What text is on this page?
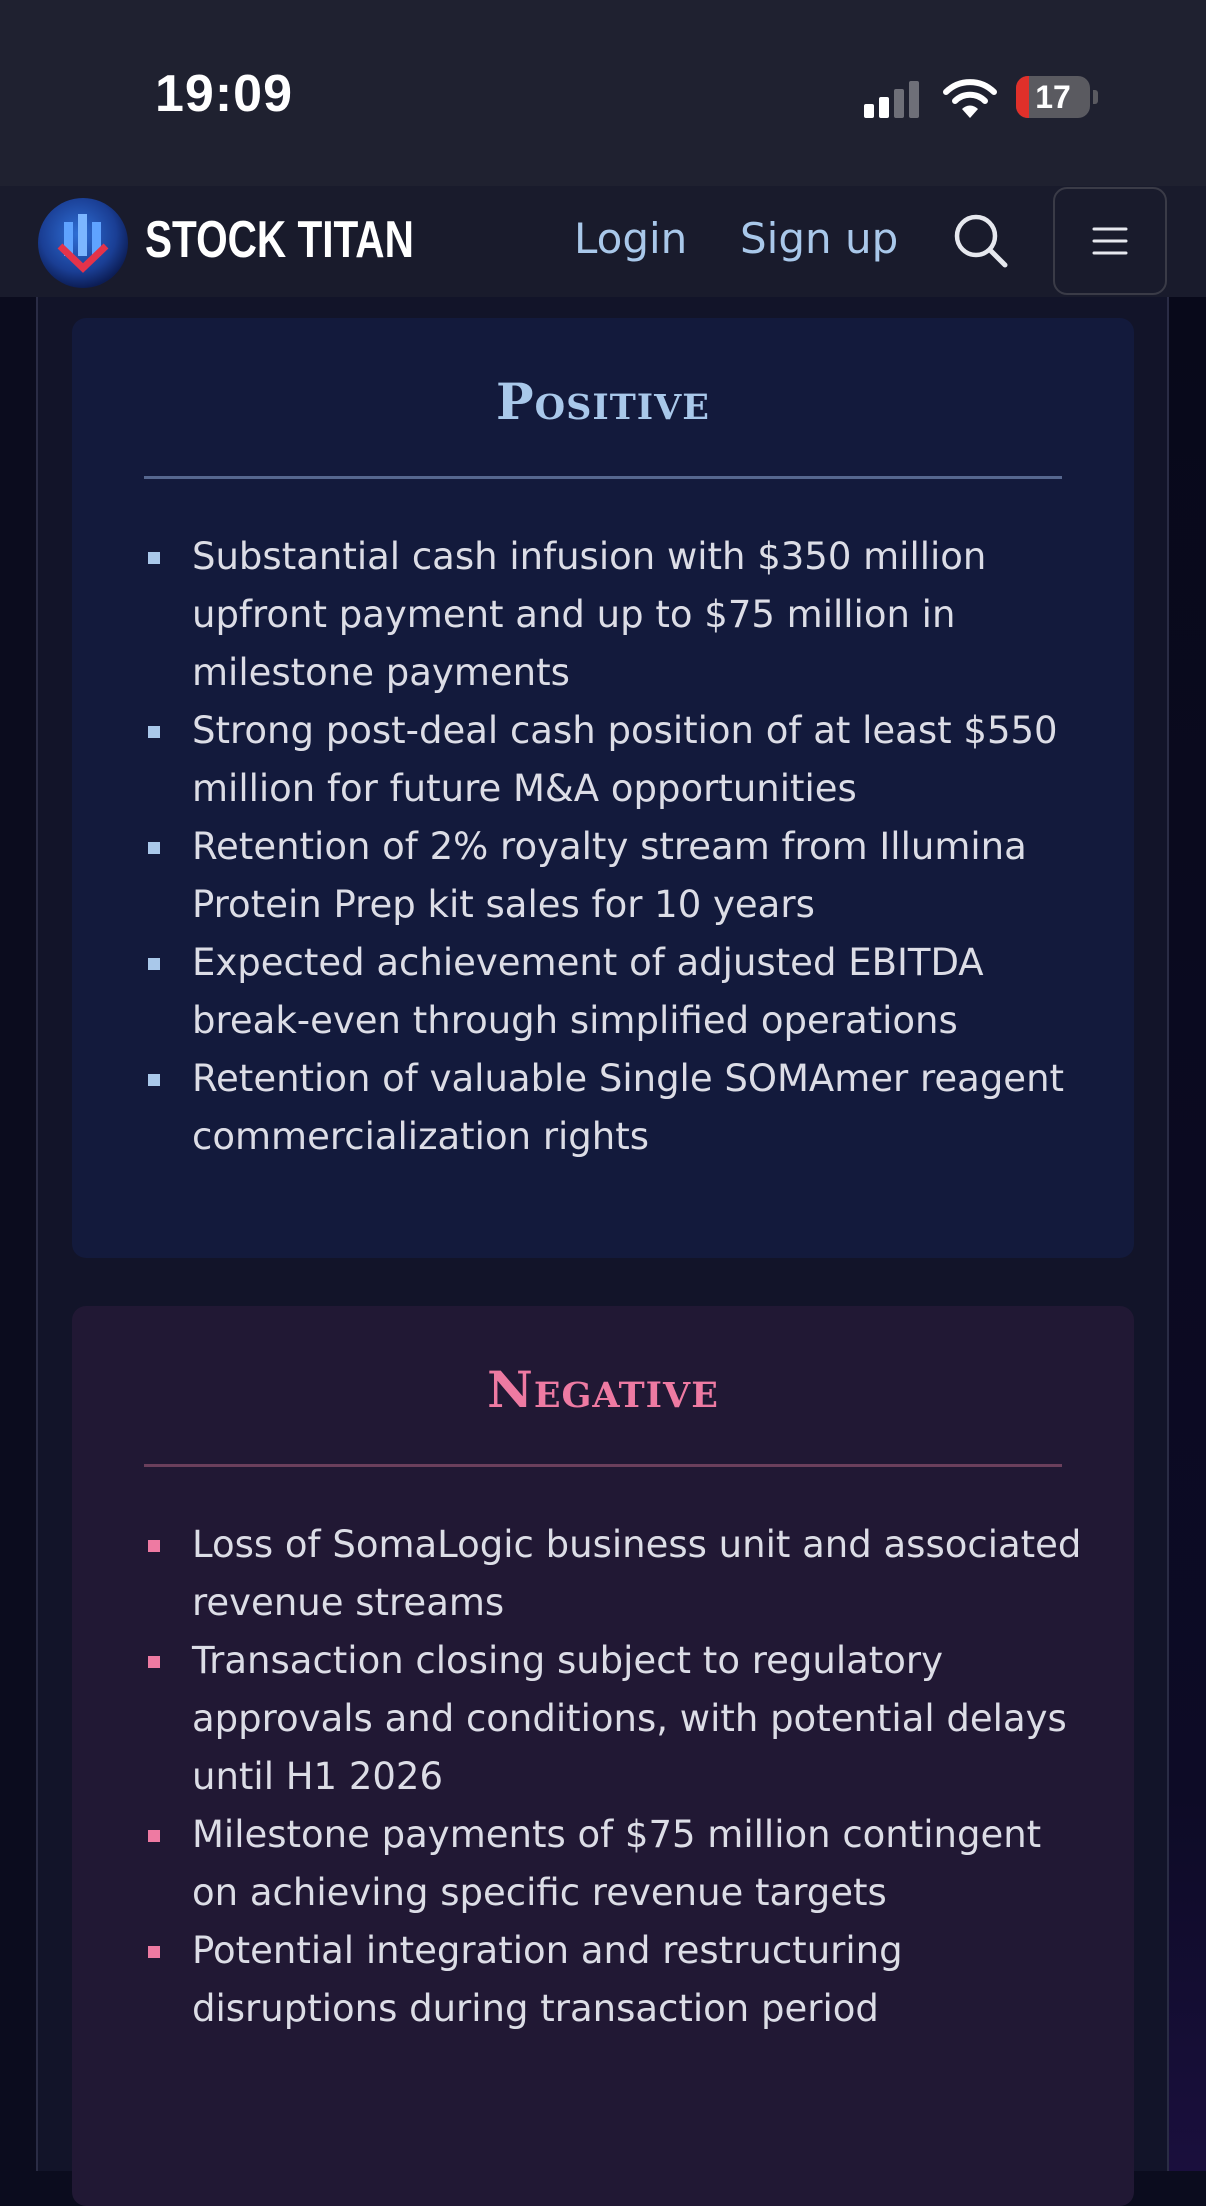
19:09	17
STOCK TITAN	Login Sign up
Positive
Substantial cash infusion with $350 million upfront payment and up to $75 million in milestone payments
Strong post-deal cash position of at least $550 million for future M&A opportunities
Retention of 2% royalty stream from Illumina Protein Prep kit sales for 10 years
Expected achievement of adjusted EBITDA break-even through simplified operations
Retention of valuable Single SOMAmer reagent commercialization rights
Negative
Loss of SomaLogic business unit and associated revenue streams
Transaction closing subject to regulatory approvals and conditions, with potential delays until H1 2026
Milestone payments of $75 million contingent on achieving specific revenue targets
Potential integration and restructuring disruptions during transaction period
